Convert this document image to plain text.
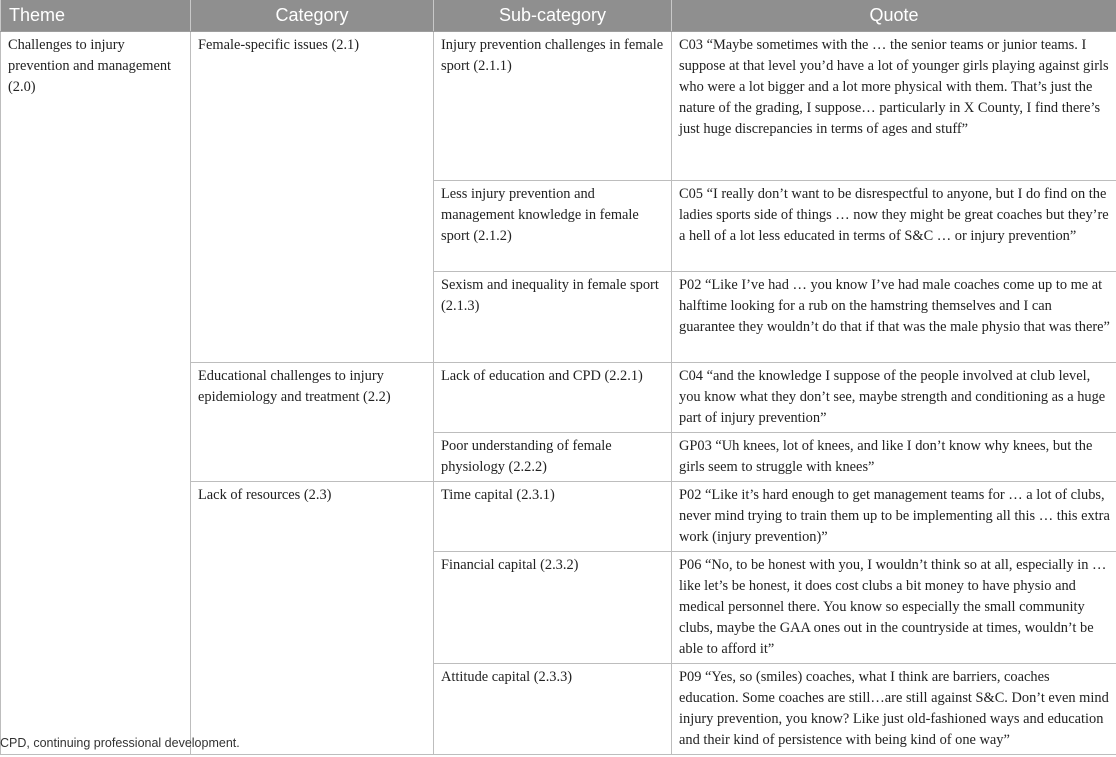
Theme	Category	Sub-category	Quote
Challenges to injury prevention and management (2.0)	Female-specific issues (2.1)	Injury prevention challenges in female sport (2.1.1)	C03 “Maybe sometimes with the … the senior teams or junior teams. I suppose at that level you’d have a lot of younger girls playing against girls who were a lot bigger and a lot more physical with them. That’s just the nature of the grading, I suppose… particularly in X County, I find there’s just huge discrepancies in terms of ages and stuff”
		Less injury prevention and management knowledge in female sport (2.1.2)	C05 “I really don’t want to be disrespectful to anyone, but I do find on the ladies sports side of things … now they might be great coaches but they’re a hell of a lot less educated in terms of S&C … or injury prevention”
		Sexism and inequality in female sport (2.1.3)	P02 “Like I’ve had … you know I’ve had male coaches come up to me at halftime looking for a rub on the hamstring themselves and I can guarantee they wouldn’t do that if that was the male physio that was there”
	Educational challenges to injury epidemiology and treatment (2.2)	Lack of education and CPD (2.2.1)	C04 “and the knowledge I suppose of the people involved at club level, you know what they don’t see, maybe strength and conditioning as a huge part of injury prevention”
		Poor understanding of female physiology (2.2.2)	GP03 “Uh knees, lot of knees, and like I don’t know why knees, but the girls seem to struggle with knees”
	Lack of resources (2.3)	Time capital (2.3.1)	P02 “Like it’s hard enough to get management teams for … a lot of clubs, never mind trying to train them up to be implementing all this … this extra work (injury prevention)”
		Financial capital (2.3.2)	P06 “No, to be honest with you, I wouldn’t think so at all, especially in … like let’s be honest, it does cost clubs a bit money to have physio and medical personnel there. You know so especially the small community clubs, maybe the GAA ones out in the countryside at times, wouldn’t be able to afford it”
		Attitude capital (2.3.3)	P09 “Yes, so (smiles) coaches, what I think are barriers, coaches education. Some coaches are still…are still against S&C. Don’t even mind injury prevention, you know? Like just old-fashioned ways and education and their kind of persistence with being kind of one way”
CPD, continuing professional development.
